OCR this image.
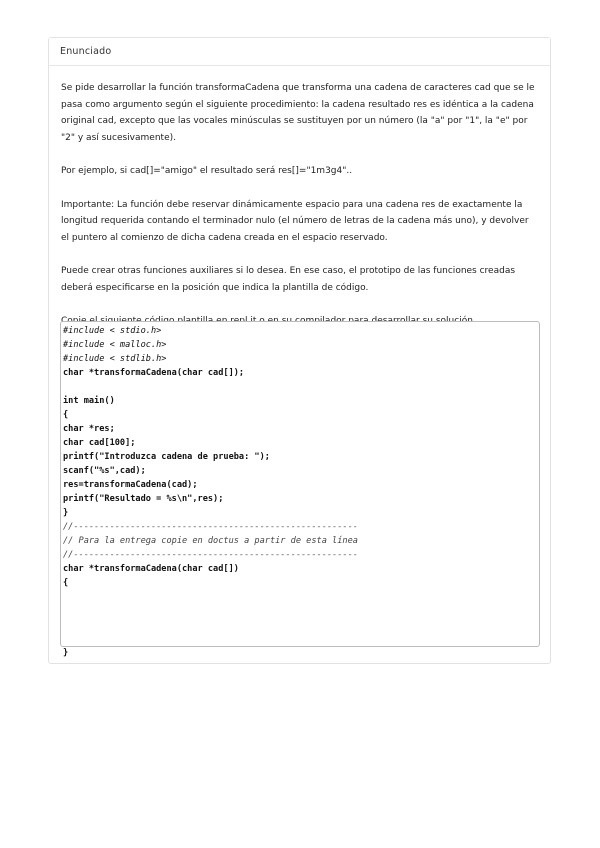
Enunciado

Se pide desarrollar la función transformaCadena que transforma una cadena de caracteres cad que se le pasa como argumento según el siguiente procedimiento: la cadena resultado res es idéntica a la cadena original cad, excepto que las vocales minúsculas se sustituyen por un número (la "a" por "1", la "e" por "2" y así sucesivamente).

Por ejemplo, si cad[]="amigo" el resultado será res[]="1m3g4"..

Importante: La función debe reservar dinámicamente espacio para una cadena res de exactamente la longitud requerida contando el terminador nulo (el número de letras de la cadena más uno), y devolver el puntero al comienzo de dicha cadena creada en el espacio reservado.

Puede crear otras funciones auxiliares si lo desea. En ese caso, el prototipo de las funciones creadas deberá especificarse en la posición que indica la plantilla de código.

#include < stdio.h>
#include < malloc.h>
#include < stdlib.h>
char *transformaCadena(char cad[]);
int main()
{
char *res;
char cad[100];
printf("Introduzca cadena de prueba: ");
scanf("%s",cad);
res=transformaCadena(cad);
printf("Resultado = %s\n",res);
}
//-------------------------------------------------------
// Para la entrega copie en doctus a partir de esta línea
//-------------------------------------------------------
char *transformaCadena(char cad[])
{
}
